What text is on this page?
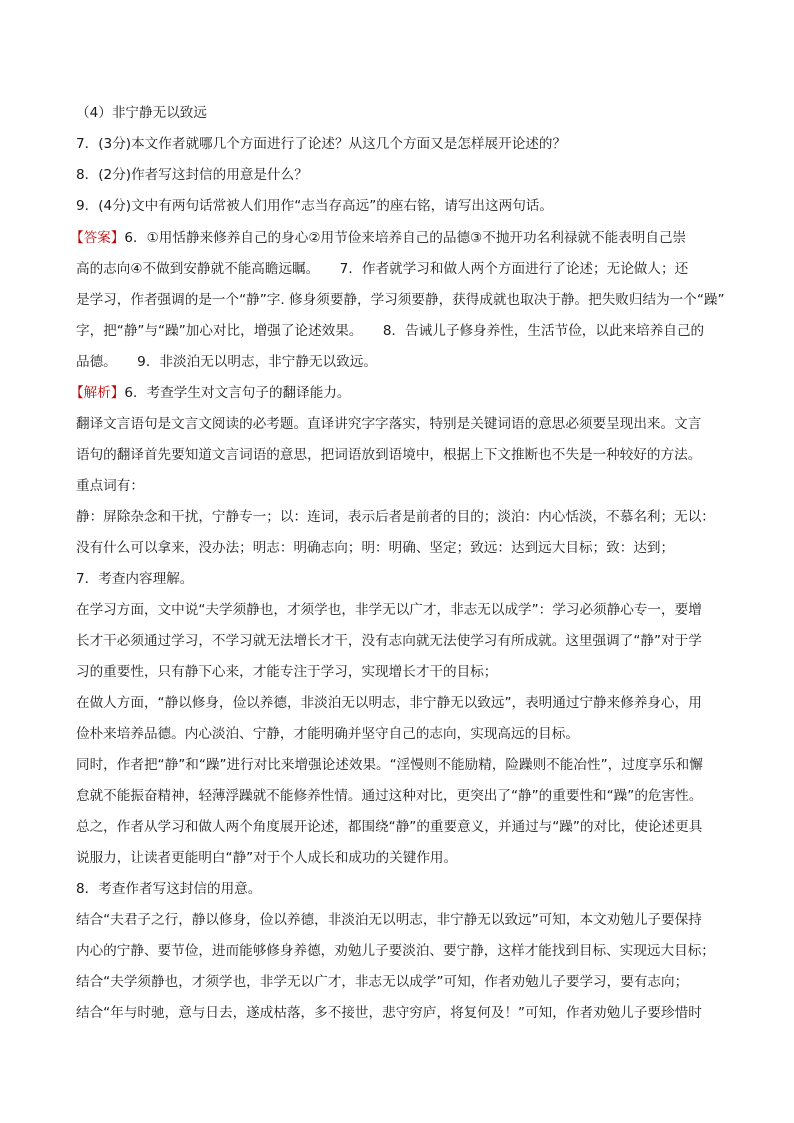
（4）非宁静无以致远
7．(3分)本文作者就哪几个方面进行了论述？从这几个方面又是怎样展开论述的？
8．(2分)作者写这封信的用意是什么？
9．(4分)文中有两句话常被人们用作“志当存高远”的座右铭，请写出这两句话。
【答案】6．①用恬静来修养自己的身心②用节俭来培养自己的品德③不抛开功名利禄就不能表明自己崇
高的志向④不做到安静就不能高瞻远瞩。　　7．作者就学习和做人两个方面进行了论述；无论做人；还
是学习，作者强调的是一个“静”字. 修身须要静，学习须要静，获得成就也取决于静。把失败归结为一个“躁”
字，把“静”与“躁”加心对比，增强了论述效果。　　8．告诫儿子修身养性，生活节俭，以此来培养自己的
品德。　　9．非淡泊无以明志，非宁静无以致远。
【解析】6．考查学生对文言句子的翻译能力。
翻译文言语句是文言文阅读的必考题。直译讲究字字落实，特别是关键词语的意思必须要呈现出来。文言
语句的翻译首先要知道文言词语的意思，把词语放到语境中，根据上下文推断也不失是一种较好的方法。
重点词有：
静：屏除杂念和干扰，宁静专一；以：连词，表示后者是前者的目的；淡泊：内心恬淡，不慕名利；无以：
没有什么可以拿来，没办法；明志：明确志向；明：明确、坚定；致远：达到远大目标；致：达到；
7．考查内容理解。
在学习方面，文中说“夫学须静也，才须学也，非学无以广才，非志无以成学”：学习必须静心专一，要增
长才干必须通过学习，不学习就无法增长才干，没有志向就无法使学习有所成就。这里强调了“静”对于学
习的重要性，只有静下心来，才能专注于学习，实现增长才干的目标；
在做人方面，“静以修身，俭以养德，非淡泊无以明志，非宁静无以致远”，表明通过宁静来修养身心，用
俭朴来培养品德。内心淡泊、宁静，才能明确并坚守自己的志向，实现高远的目标。
同时，作者把“静”和“躁”进行对比来增强论述效果。“淫慢则不能励精，险躁则不能冶性”，过度享乐和懈
怠就不能振奋精神，轻薄浮躁就不能修养性情。通过这种对比，更突出了“静”的重要性和“躁”的危害性。
总之，作者从学习和做人两个角度展开论述，都围绕“静”的重要意义，并通过与“躁”的对比，使论述更具
说服力，让读者更能明白“静”对于个人成长和成功的关键作用。
8．考查作者写这封信的用意。
结合“夫君子之行，静以修身，俭以养德，非淡泊无以明志，非宁静无以致远”可知，本文劝勉儿子要保持
内心的宁静、要节俭，进而能够修身养德，劝勉儿子要淡泊、要宁静，这样才能找到目标、实现远大目标；
结合“夫学须静也，才须学也，非学无以广才，非志无以成学”可知，作者劝勉儿子要学习，要有志向；
结合“年与时驰，意与日去，遂成枯落，多不接世，悲守穷庐，将复何及！”可知，作者劝勉儿子要珍惜时
